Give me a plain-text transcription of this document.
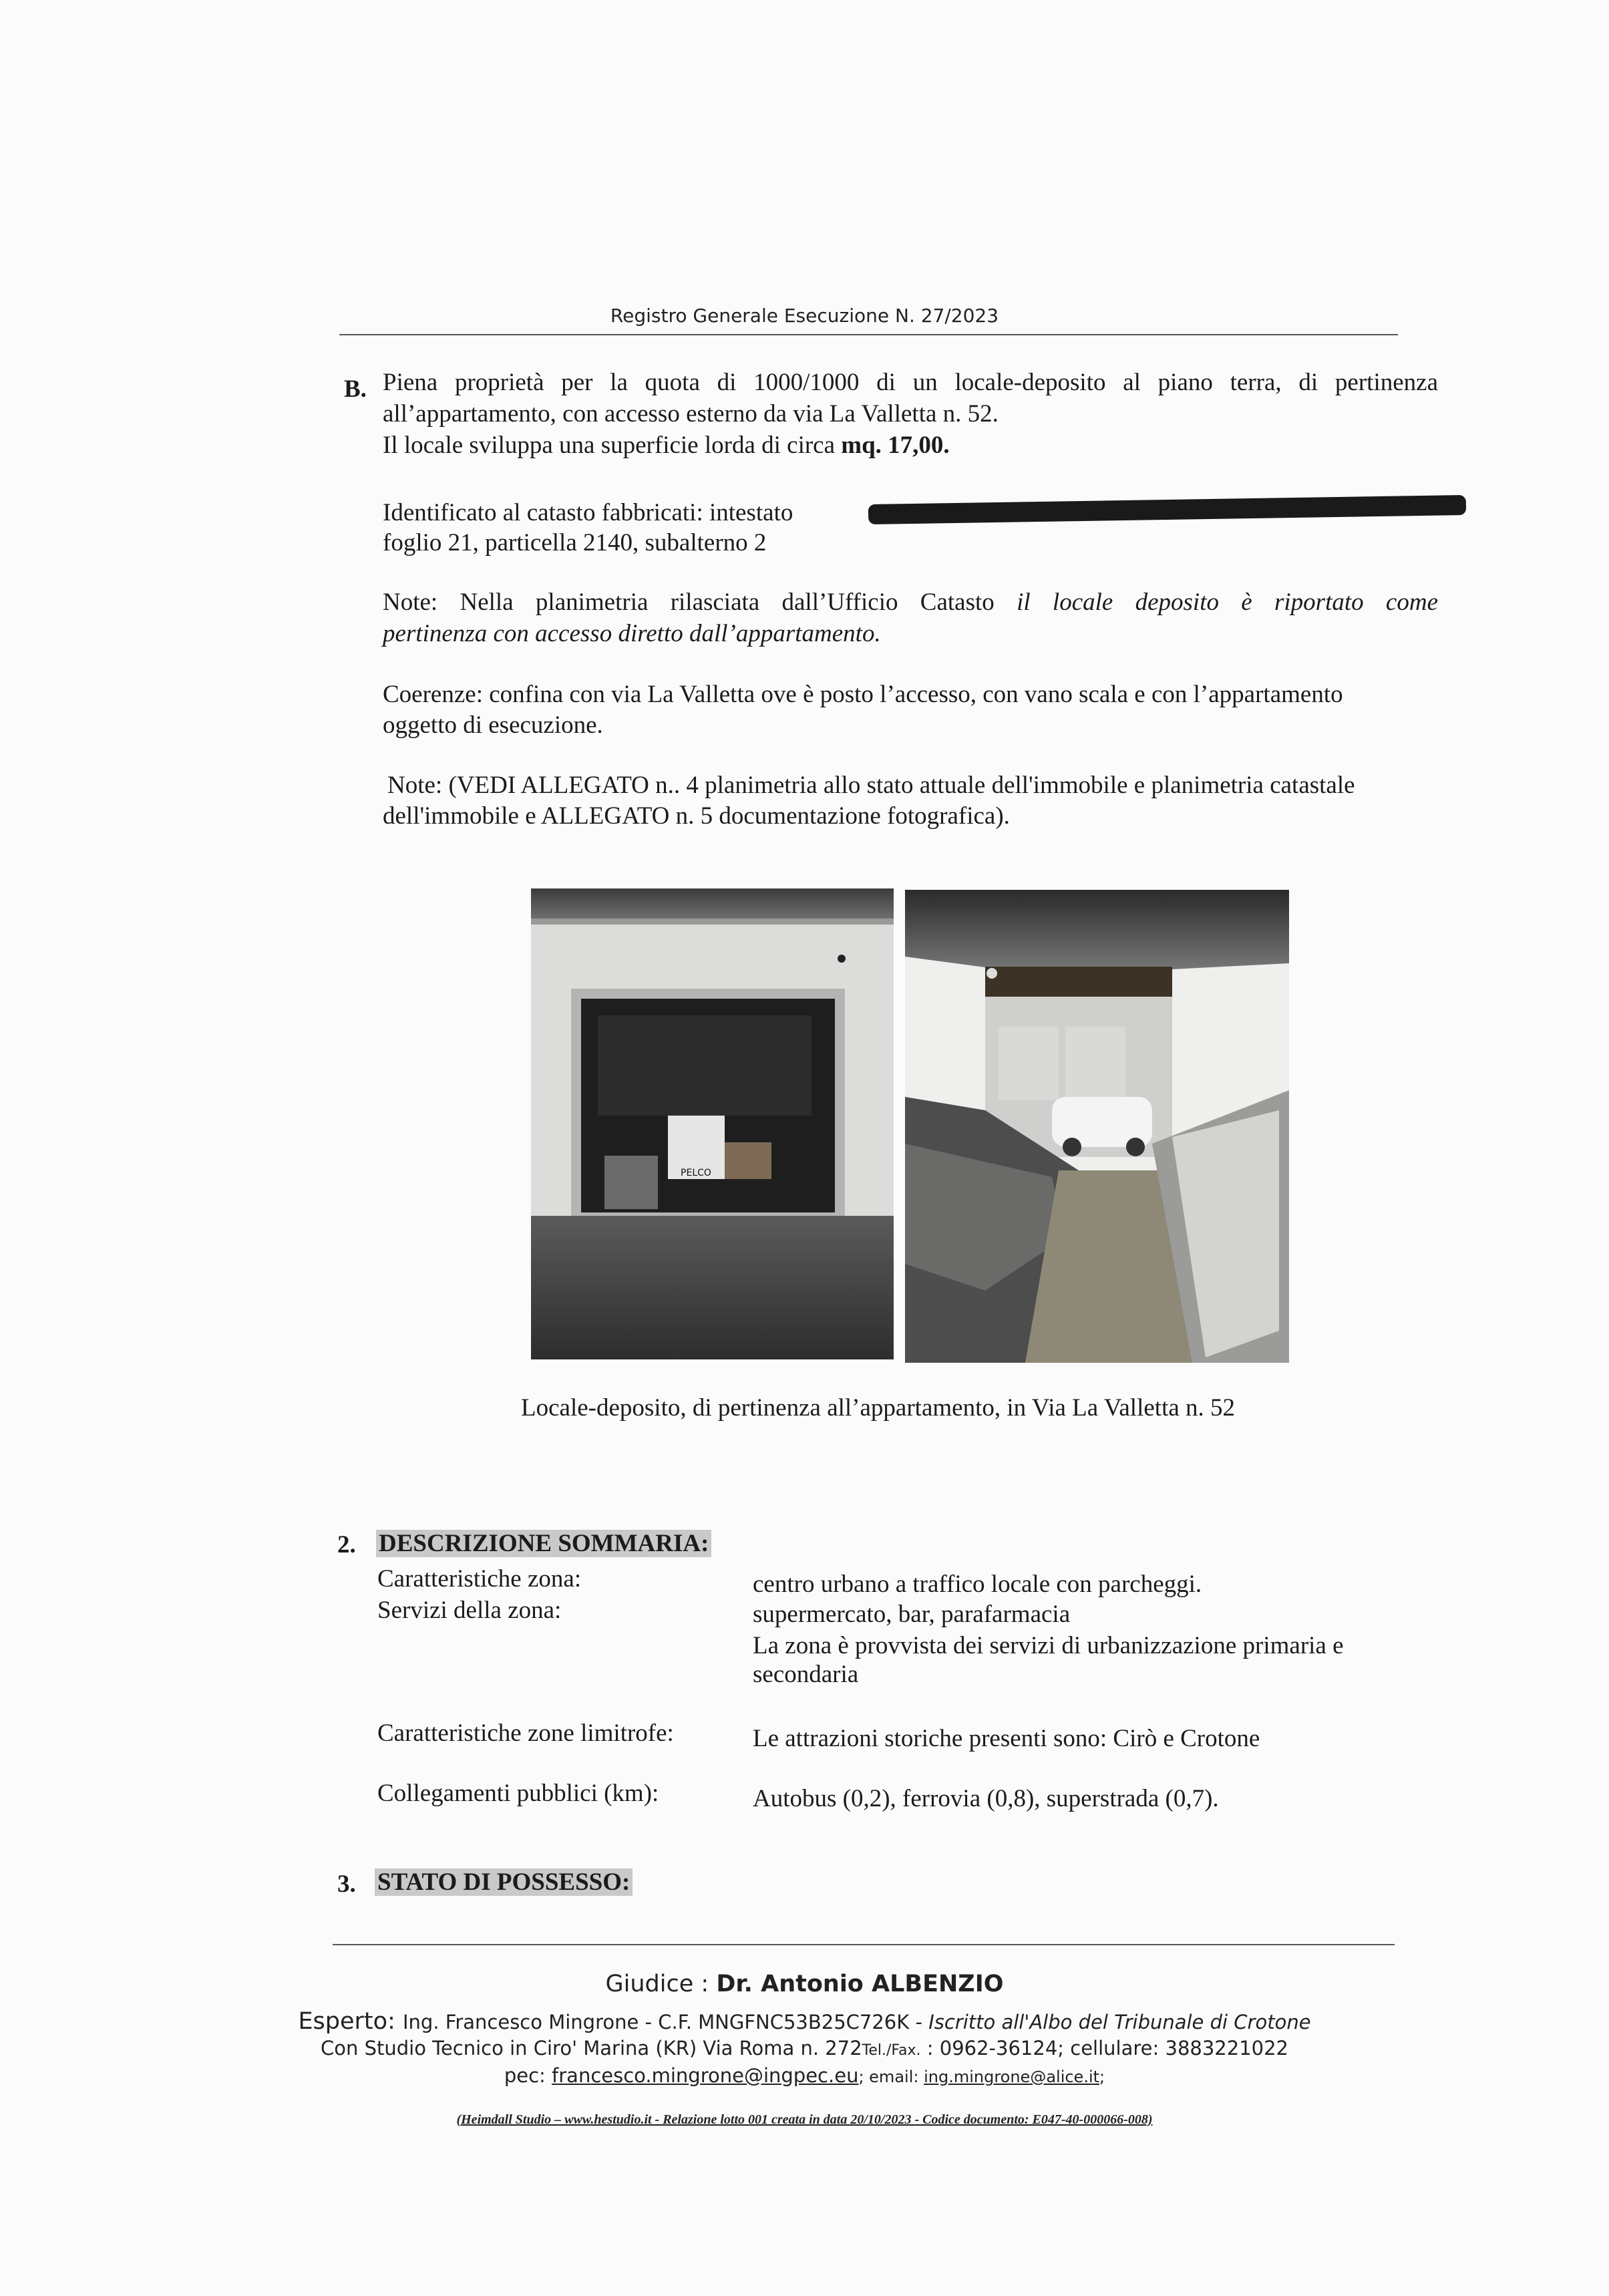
Registro Generale Esecuzione N. 27/2023
B. Piena proprietà per la quota di 1000/1000 di un locale-deposito al piano terra, di pertinenza
all’appartamento, con accesso esterno da via La Valletta n. 52.
Il locale sviluppa una superficie lorda di circa mq. 17,00.
Identificato al catasto fabbricati: intestato
foglio 21, particella 2140, subalterno 2
Note: Nella planimetria rilasciata dall’Ufficio Catasto il locale deposito è riportato come
pertinenza con accesso diretto dall’appartamento.
Coerenze: confina con via La Valletta ove è posto l’accesso, con vano scala e con l’appartamento
oggetto di esecuzione.
Note: (VEDI ALLEGATO n.. 4 planimetria allo stato attuale dell'immobile e planimetria catastale
dell'immobile e ALLEGATO n. 5 documentazione fotografica).
PELCO
Locale-deposito, di pertinenza all’appartamento, in Via La Valletta n. 52
2. DESCRIZIONE SOMMARIA:
Caratteristiche zona:	centro urbano a traffico locale con parcheggi.
Servizi della zona:	supermercato, bar, parafarmacia
La zona è provvista dei servizi di urbanizzazione primaria e
secondaria
Caratteristiche zone limitrofe:	Le attrazioni storiche presenti sono: Cirò e Crotone
Collegamenti pubblici (km):	Autobus (0,2), ferrovia (0,8), superstrada (0,7).
3. STATO DI POSSESSO:
Giudice : Dr. Antonio ALBENZIO
Esperto: Ing. Francesco Mingrone - C.F. MNGFNC53B25C726K - Iscritto all'Albo del Tribunale di Crotone
Con Studio Tecnico in Ciro' Marina (KR) Via Roma n. 272Tel./Fax. : 0962-36124; cellulare: 3883221022
pec: francesco.mingrone@ingpec.eu; email: ing.mingrone@alice.it;
(Heimdall Studio – www.hestudio.it - Relazione lotto 001 creata in data 20/10/2023 - Codice documento: E047-40-000066-008)
